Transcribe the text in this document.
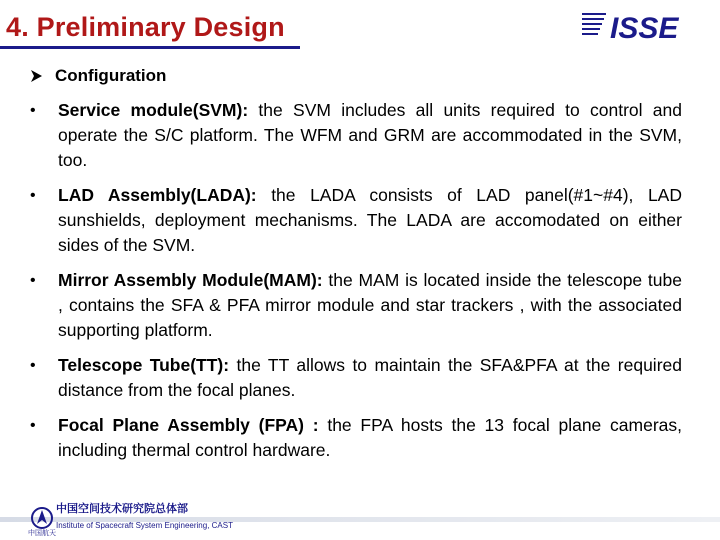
4. Preliminary Design	ISSE
Configuration
• Service module(SVM): the SVM includes all units required to control and operate the S/C platform. The WFM and GRM are accommodated in the SVM, too.
• LAD Assembly(LADA): the LADA consists of LAD panel(#1~#4), LAD sunshields, deployment mechanisms. The LADA are accomodated on either sides of the SVM.
• Mirror Assembly Module(MAM): the MAM is located inside the telescope tube , contains the SFA & PFA mirror module and star trackers , with the associated supporting platform.
• Telescope Tube(TT): the TT allows to maintain the SFA&PFA at the required distance from the focal planes.
• Focal Plane Assembly (FPA) : the FPA hosts the 13 focal plane cameras, including thermal control hardware.
中国空间技术研究院总体部
Institute of Spacecraft System Engineering, CAST
中国航天
